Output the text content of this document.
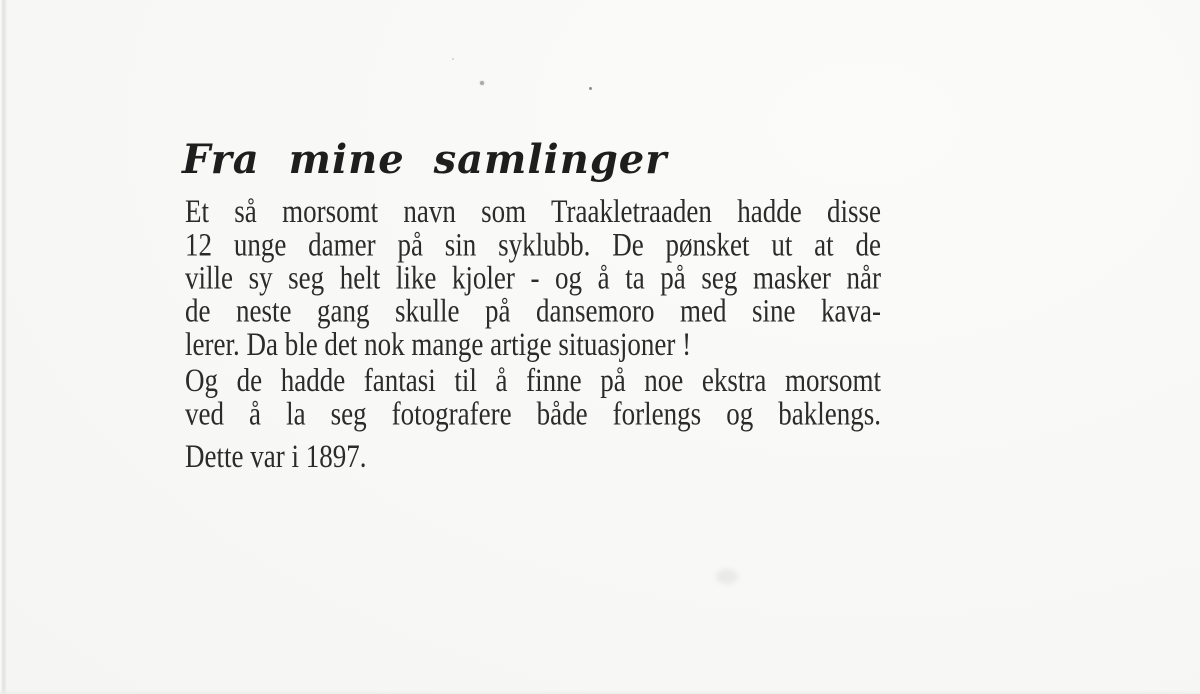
Fra mine samlinger
Et så morsomt navn som Traakletraaden hadde disse
12 unge damer på sin syklubb. De pønsket ut at de
ville sy seg helt like kjoler - og å ta på seg masker når
de neste gang skulle på dansemoro med sine kava-
lerer. Da ble det nok mange artige situasjoner !
Og de hadde fantasi til å finne på noe ekstra morsomt
ved å la seg fotografere både forlengs og baklengs.
Dette var i 1897.
